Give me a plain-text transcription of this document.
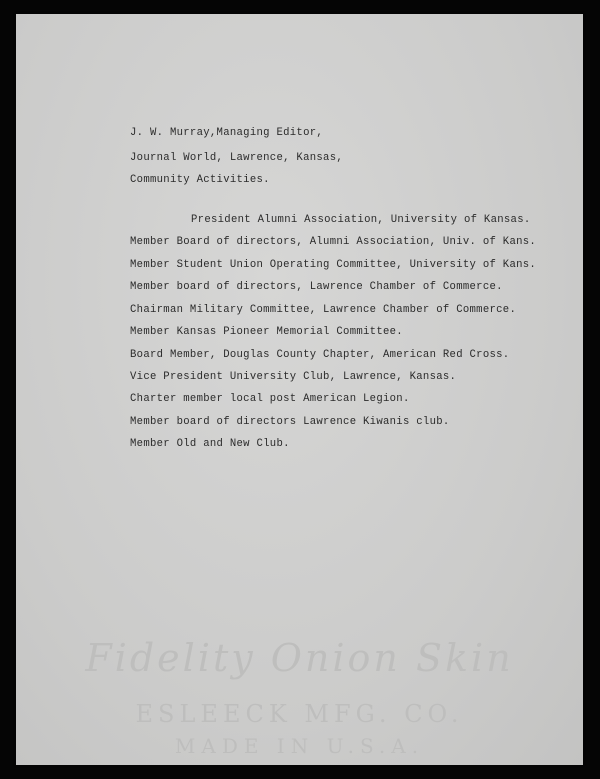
J. W. Murray,Managing Editor,
Journal World, Lawrence, Kansas,
Community Activities.
President Alumni Association, University of Kansas.
Member Board of directors, Alumni Association, Univ. of Kans.
Member Student Union Operating Committee, University of Kans.
Member board of directors, Lawrence Chamber of Commerce.
Chairman Military Committee, Lawrence Chamber of Commerce.
Member Kansas Pioneer Memorial Committee.
Board Member, Douglas County Chapter, American Red Cross.
Vice President University Club, Lawrence, Kansas.
Charter member local post American Legion.
Member board of directors Lawrence Kiwanis club.
Member Old and New Club.
Fidelity Onion Skin
ESLEECK MFG. CO.
MADE IN U.S.A.
